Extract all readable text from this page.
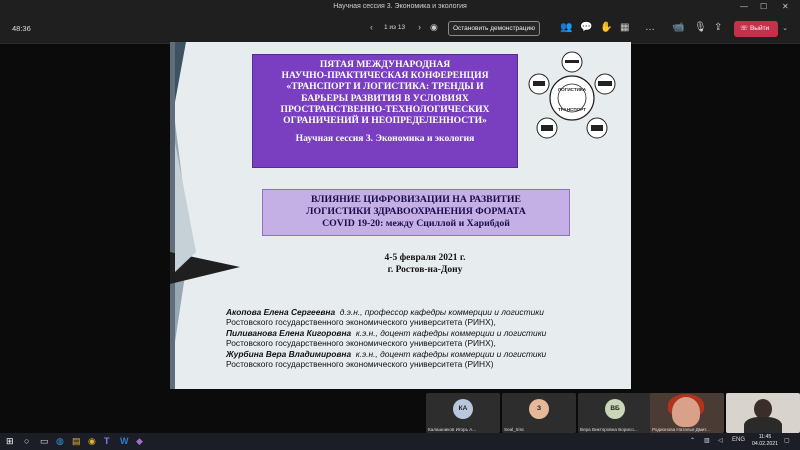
Научная сессия 3. Экономика и экология	— ☐ ✕
48:36	‹ 1 из 13 › ◉	Остановить демонстрацию	👥 💬 ✋ ▦ … 📹 🎙 ⇪	☏ Выйти ⌄
ПЯТАЯ МЕЖДУНАРОДНАЯ
НАУЧНО-ПРАКТИЧЕСКАЯ КОНФЕРЕНЦИЯ
«ТРАНСПОРТ И ЛОГИСТИКА: ТРЕНДЫ И
БАРЬЕРЫ РАЗВИТИЯ В УСЛОВИЯХ
ПРОСТРАНСТВЕННО-ТЕХНОЛОГИЧЕСКИХ
ОГРАНИЧЕНИЙ И НЕОПРЕДЕЛЕННОСТИ»
Научная сессия 3. Экономика и экология
ЛОГИСТИКА
ТРАНСПОРТ
ВЛИЯНИЕ ЦИФРОВИЗАЦИИ НА РАЗВИТИЕ
ЛОГИСТИКИ ЗДРАВООХРАНЕНИЯ ФОРМАТА
COVID 19-20: между Сциллой и Харибдой
4-5 февраля 2021 г.
г. Ростов-на-Дону
Акопова Елена Сергеевна д.э.н., профессор кафедры коммерции и логистики
Ростовского государственного экономического университета (РИНХ),
Пиливанова Елена Кигоровна к.э.н., доцент кафедры коммерции и логистики
Ростовского государственного экономического университета (РИНХ),
Журбина Вера Владимировна к.э.н., доцент кафедры коммерции и логистики
Ростовского государственного экономического университета (РИНХ)
КА
Калашников Игорь А...
З
Seal_trisc
ВБ
Вера Викторовна Борисо...	Родионова Наталья Дмит...
⊞ ○ ▭ ◍ ▤ ◉ T W ◆	⌃ ▥ ◁ ENG	11:45
04.02.2021 ▢
